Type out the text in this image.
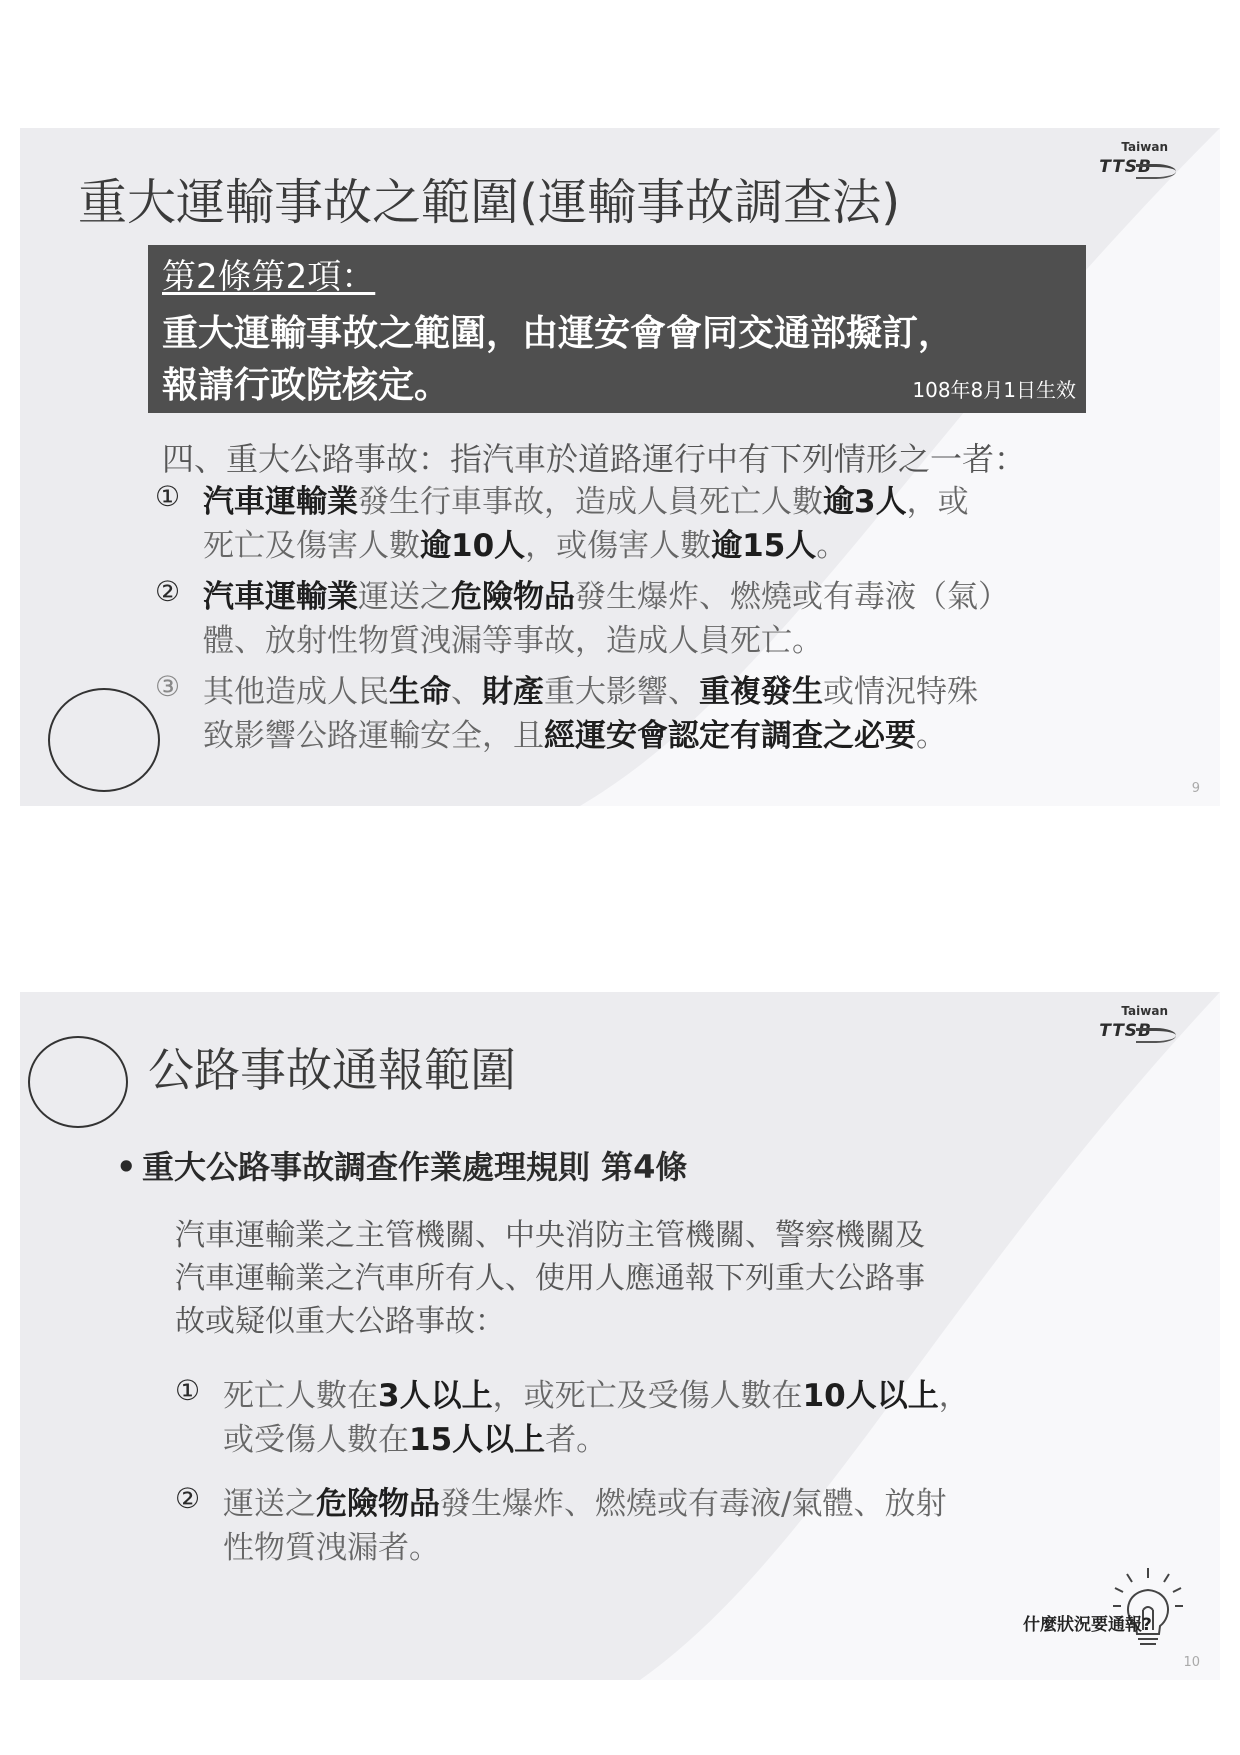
Taiwan
TTSB
重大運輸事故之範圍(運輸事故調查法)
第2條第2項：
重大運輸事故之範圍，由運安會會同交通部擬訂，
報請行政院核定。	108年8月1日生效
四、重大公路事故：指汽車於道路運行中有下列情形之一者：
① 汽車運輸業發生行車事故，造成人員死亡人數逾3人，或
死亡及傷害人數逾10人，或傷害人數逾15人。
② 汽車運輸業運送之危險物品發生爆炸、燃燒或有毒液（氣）
體、放射性物質洩漏等事故，造成人員死亡。
③ 其他造成人民生命、財產重大影響、重複發生或情況特殊
致影響公路運輸安全，且經運安會認定有調查之必要。
9
Taiwan
TTSB
公路事故通報範圍
• 重大公路事故調查作業處理規則 第4條
汽車運輸業之主管機關、中央消防主管機關、警察機關及
汽車運輸業之汽車所有人、使用人應通報下列重大公路事
故或疑似重大公路事故：
① 死亡人數在3人以上，或死亡及受傷人數在10人以上，
或受傷人數在15人以上者。
② 運送之危險物品發生爆炸、燃燒或有毒液/氣體、放射
性物質洩漏者。
什麼狀況要通報?
10
